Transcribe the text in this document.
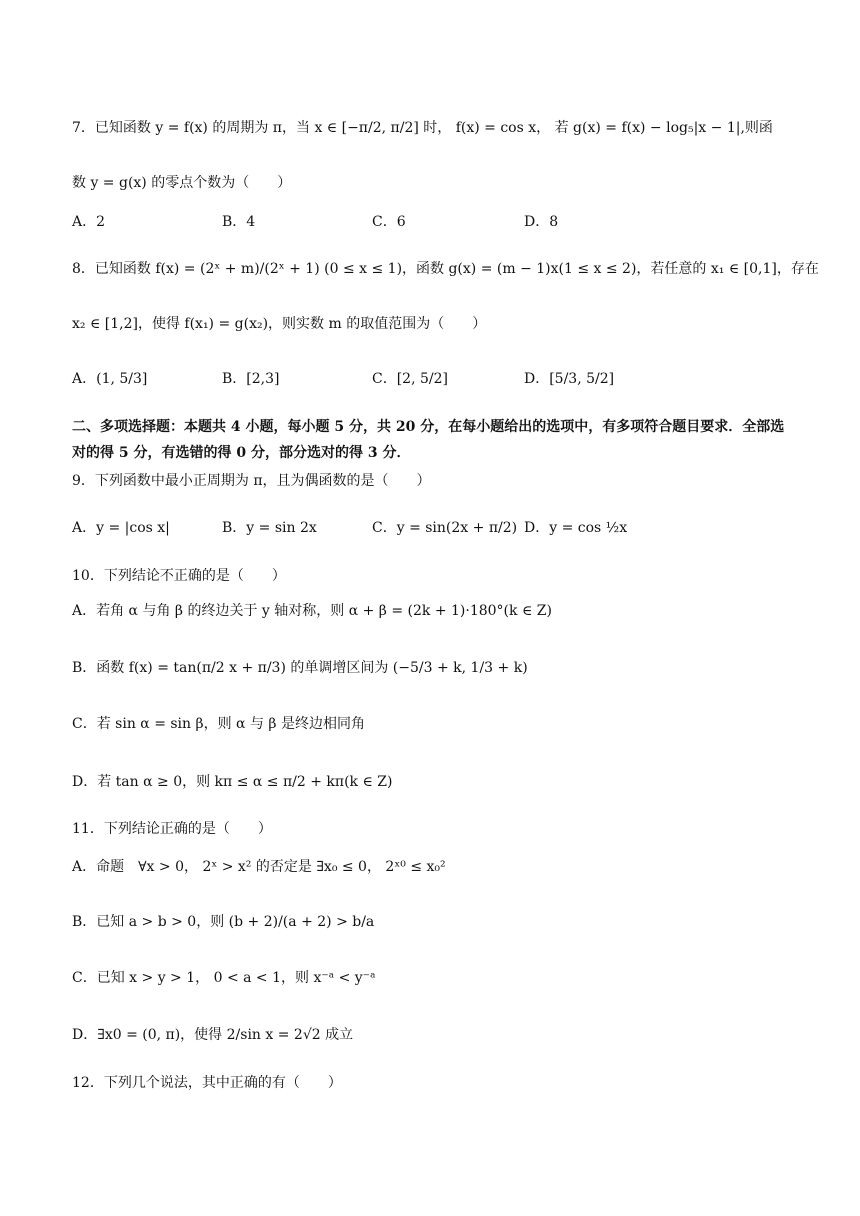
7．已知函数 y = f(x) 的周期为 π，当 x ∈ [−π/2, π/2] 时， f(x) = cos x， 若 g(x) = f(x) − log₅|x − 1|,则函
数 y = g(x) 的零点个数为（　　）
A．2	B．4	C．6	D．8
8．已知函数 f(x) = (2ˣ + m)/(2ˣ + 1) (0 ≤ x ≤ 1)，函数 g(x) = (m − 1)x(1 ≤ x ≤ 2)，若任意的 x₁ ∈ [0,1]，存在
x₂ ∈ [1,2]，使得 f(x₁) = g(x₂)，则实数 m 的取值范围为（　　）
A．(1, 5/3]	B．[2,3]	C．[2, 5/2]	D．[5/3, 5/2]
二、多项选择题：本题共 4 小题，每小题 5 分，共 20 分，在每小题给出的选项中，有多项符合题目要求．全部选对的得 5 分，有选错的得 0 分，部分选对的得 3 分．
9．下列函数中最小正周期为 π，且为偶函数的是（　　）
A．y = |cos x|	B．y = sin 2x	C．y = sin(2x + π/2) D．y = cos ½x
10．下列结论不正确的是（　　）
A．若角 α 与角 β 的终边关于 y 轴对称，则 α + β = (2k + 1)·180°(k ∈ Z)
B．函数 f(x) = tan(π/2 x + π/3) 的单调增区间为 (−5/3 + k, 1/3 + k)
C．若 sin α = sin β，则 α 与 β 是终边相同角
D．若 tan α ≥ 0，则 kπ ≤ α ≤ π/2 + kπ(k ∈ Z)
11．下列结论正确的是（　　）
A．命题　∀x > 0， 2ˣ > x² 的否定是 ∃x₀ ≤ 0， 2ˣ⁰ ≤ x₀²
B．已知 a > b > 0，则 (b + 2)/(a + 2) > b/a
C．已知 x > y > 1， 0 < a < 1，则 x⁻ᵃ < y⁻ᵃ
D．∃x0 = (0, π)，使得 2/sin x = 2√2 成立
12．下列几个说法，其中正确的有（　　）
